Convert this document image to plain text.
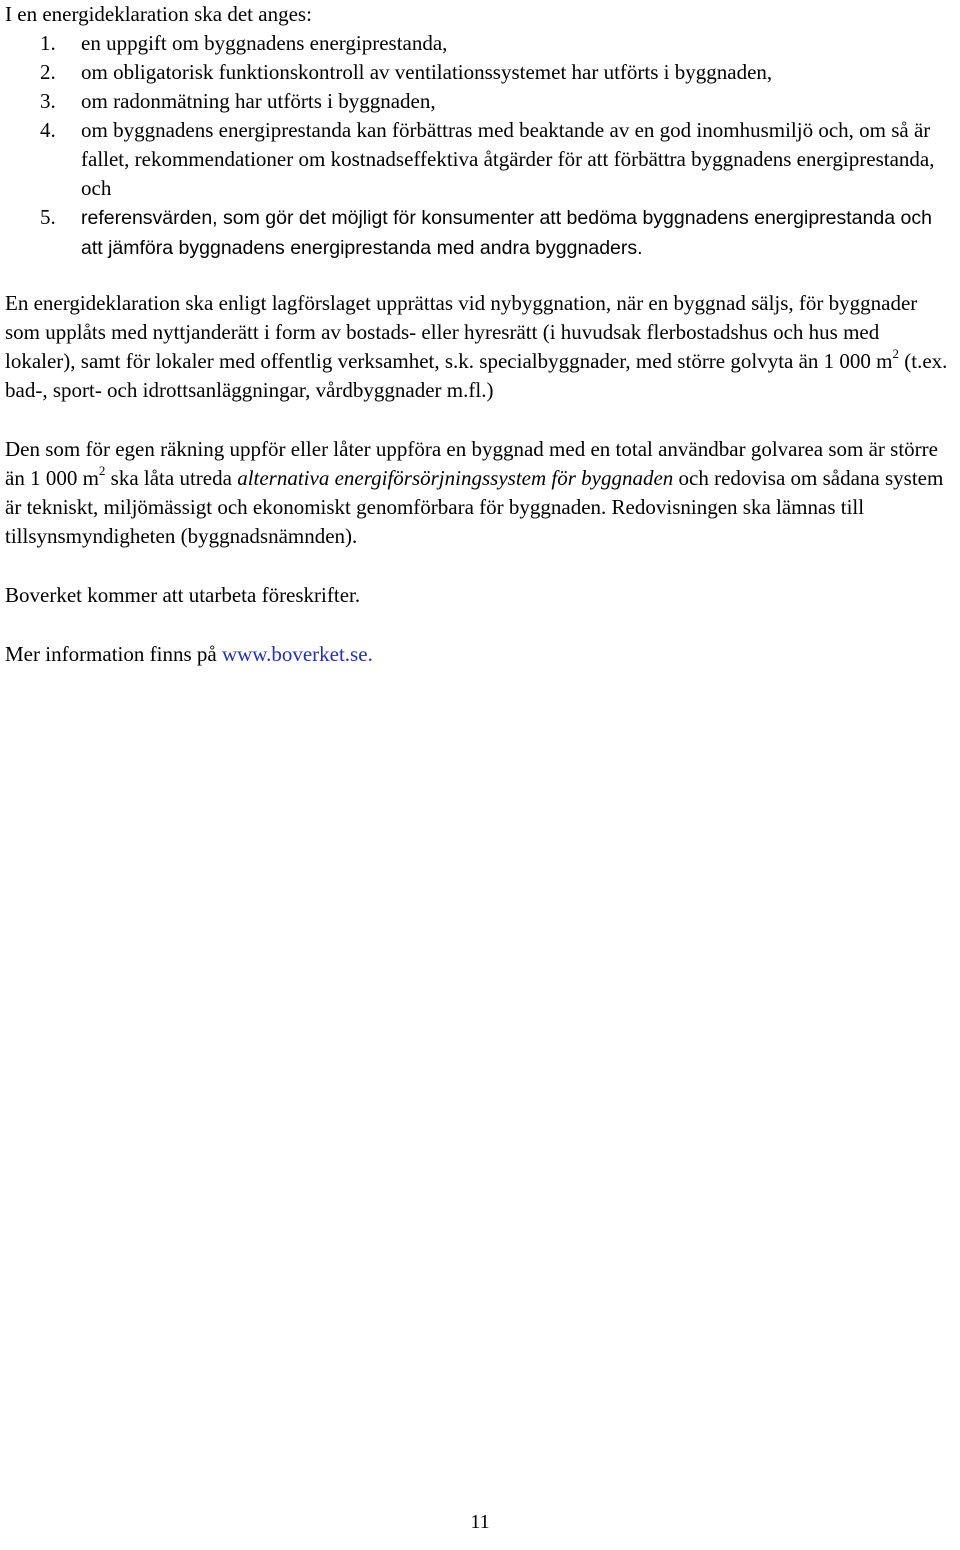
I en energideklaration ska det anges:

1. en uppgift om byggnadens energiprestanda,
2. om obligatorisk funktionskontroll av ventilationssystemet har utförts i byggnaden,
3. om radonmätning har utförts i byggnaden,
4. om byggnadens energiprestanda kan förbättras med beaktande av en god inomhusmiljö och, om så är fallet, rekommendationer om kostnadseffektiva åtgärder för att förbättra byggnadens energiprestanda, och
5. referensvärden, som gör det möjligt för konsumenter att bedöma byggnadens energiprestanda och att jämföra byggnadens energiprestanda med andra byggnaders.

En energideklaration ska enligt lagförslaget upprättas vid nybyggnation, när en byggnad säljs, för byggnader som upplåts med nyttjanderätt i form av bostads- eller hyresrätt (i huvudsak flerbostadshus och hus med lokaler), samt för lokaler med offentlig verksamhet, s.k. specialbyggnader, med större golvyta än 1 000 $m^2$ (t.ex. bad-, sport- och idrottsanläggningar, vårdbyggnader m.fl.)

Den som för egen räkning uppför eller låter uppföra en byggnad med en total användbar golvarea som är större än 1 000 $m^2$ ska låta utreda alternativa energiförsörjningssystem för byggnaden och redovisa om sådana system är tekniskt, miljömässigt och ekonomiskt genomförbara för byggnaden. Redovisningen ska lämnas till tillsynsmyndigheten (byggnadsnämnden).

Boverket kommer att utarbeta föreskrifter.

Mer information finns på www.boverket.se.

11
